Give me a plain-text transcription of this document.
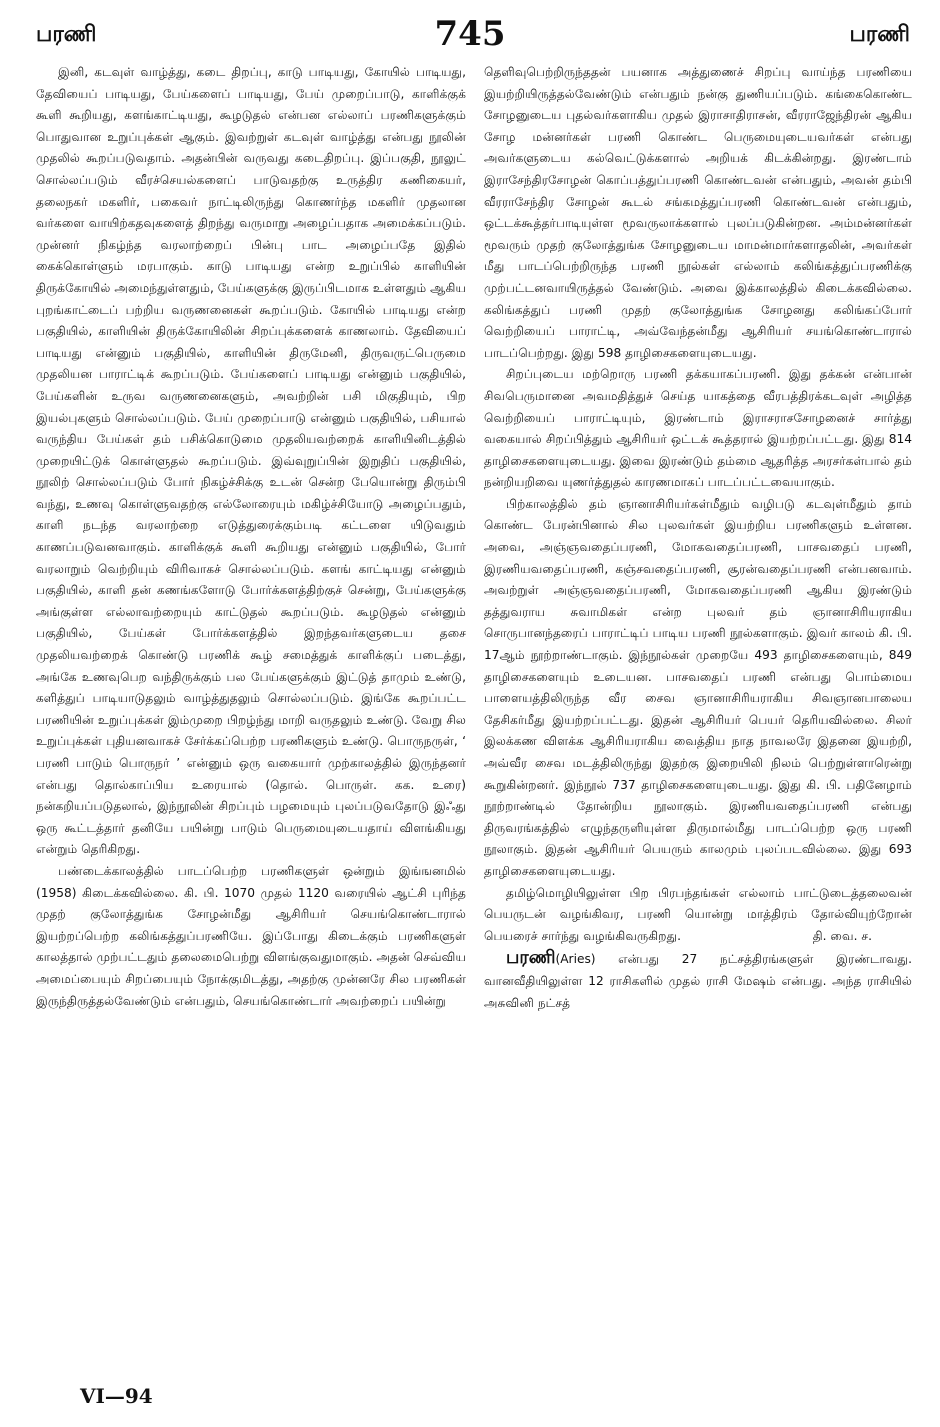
பரணி	745	பரணி

இனி, கடவுள் வாழ்த்து, கடை திறப்பு, காடு பாடியது, கோயில் பாடியது, தேவியைப் பாடியது, பேய்களைப் பாடியது, பேய் முறைப்பாடு, காளிக்குக் கூளி கூறியது, களங்காட்டியது, கூழடுதல் என்பன எல்லாப் பரணிகளுக்கும் பொதுவான உறுப்புக்கள் ஆகும். இவற்றுள் கடவுள் வாழ்த்து என்பது நூலின் முதலில் கூறப்படுவதாம். அதன்பின் வருவது கடைதிறப்பு. இப்பகுதி, நூலுட் சொல்லப்படும் வீரச்செயல்களைப் பாடுவதற்கு உருத்திர கணிகையர், தலைநகர் மகளிர், பகைவர் நாட்டிலிருந்து கொணர்ந்த மகளிர் முதலான வர்களை வாயிற்கதவுகளைத் திறந்து வருமாறு அழைப்பதாக அமைக்கப்படும். முன்னர் நிகழ்ந்த வரலாற்றைப் பின்பு பாட அழைப்பதே இதில் கைக்கொள்ளும் மரபாகும். காடு பாடியது என்ற உறுப்பில் காளியின் திருக்கோயில் அமைந்துள்ளதும், பேய்களுக்கு இருப்பிடமாக உள்ளதும் ஆகிய புறங்காட்டைப் பற்றிய வருணனைகள் கூறப்படும். கோயில் பாடியது என்ற பகுதியில், காளியின் திருக்கோயிலின் சிறப்புக்களைக் காணலாம். தேவியைப் பாடியது என்னும் பகுதியில், காளியின் திருமேனி, திருவருட்பெருமை முதலியன பாராட்டிக் கூறப்படும். பேய்களைப் பாடியது என்னும் பகுதியில், பேய்களின் உருவ வருணனைகளும், அவற்றின் பசி மிகுதியும், பிற இயல்புகளும் சொல்லப்படும். பேய் முறைப்பாடு என்னும் பகுதியில், பசியால் வருந்திய பேய்கள் தம் பசிக்கொடுமை முதலியவற்றைக் காளியினிடத்தில் முறையிட்டுக் கொள்ளுதல் கூறப்படும். இவ்வுறுப்பின் இறுதிப் பகுதியில், நூலிற் சொல்லப்படும் போர் நிகழ்ச்சிக்கு உடன் சென்ற பேயொன்று திரும்பி வந்து, உணவு கொள்ளுவதற்கு எல்லோரையும் மகிழ்ச்சியோடு அழைப்பதும், காளி நடந்த வரலாற்றை எடுத்துரைக்கும்படி கட்டளை யிடுவதும் காணப்படுவனவாகும். காளிக்குக் கூளி கூறியது என்னும் பகுதியில், போர் வரலாறும் வெற்றியும் விரிவாகச் சொல்லப்படும். களங் காட்டியது என்னும் பகுதியில், காளி தன் கணங்களோடு போர்க்களத்திற்குச் சென்று, பேய்களுக்கு அங்குள்ள எல்லாவற்றையும் காட்டுதல் கூறப்படும். கூழடுதல் என்னும் பகுதியில், பேய்கள் போர்க்களத்தில் இறந்தவர்களுடைய தசை முதலியவற்றைக் கொண்டு பரணிக் கூழ் சமைத்துக் காளிக்குப் படைத்து, அங்கே உணவுபெற வந்திருக்கும் பல பேய்களுக்கும் இட்டுத் தாமும் உண்டு, களித்துப் பாடியாடுதலும் வாழ்த்துதலும் சொல்லப்படும். இங்கே கூறப்பட்ட பரணியின் உறுப்புக்கள் இம்முறை பிறழ்ந்து மாறி வருதலும் உண்டு. வேறு சில உறுப்புக்கள் புதியனவாகச் சேர்க்கப்பெற்ற பரணிகளும் உண்டு. பொருநருள், ‘ பரணி பாடும் பொருநர் ’ என்னும் ஒரு வகையார் முற்காலத்தில் இருந்தனர் என்பது தொல்காப்பிய உரையால் (தொல். பொருள். கக. உரை) நன்கறியப்படுதலால், இந்நூலின் சிறப்பும் பழமையும் புலப்படுவதோடு இஃது ஒரு கூட்டத்தார் தனியே பயின்று பாடும் பெருமையுடையதாய் விளங்கியது என்றும் தெரிகிறது.

பண்டைக்காலத்தில் பாடப்பெற்ற பரணிகளுள் ஒன்றும் இங்ஙனமில் (1958) கிடைக்கவில்லை. கி. பி. 1070 முதல் 1120 வரையில் ஆட்சி புரிந்த முதற் குலோத்துங்க சோழன்மீது ஆசிரியர் செயங்கொண்டாரால் இயற்றப்பெற்ற கலிங்கத்துப்பரணியே. இப்போது கிடைக்கும் பரணிகளுள் காலத்தால் முற்பட்டதும் தலைமைபெற்று விளங்குவதுமாகும். அதன் செவ்விய அமைப்பையும் சிறப்பையும் நோக்குமிடத்து, அதற்கு முன்னரே சில பரணிகள் இருந்திருத்தல்வேண்டும் என்பதும், செயங்கொண்டார் அவற்றைப் பயின்று

தெளிவுபெற்றிருந்ததன் பயனாக அத்துணைச் சிறப்பு வாய்ந்த பரணியை இயற்றியிருத்தல்வேண்டும் என்பதும் நன்கு துணியப்படும். கங்கைகொண்ட சோழனுடைய புதல்வர்களாகிய முதல் இராசாதிராசன், வீரராஜேந்திரன் ஆகிய சோழ மன்னர்கள் பரணி கொண்ட பெருமையுடையவர்கள் என்பது அவர்களுடைய கல்வெட்டுக்களால் அறியக் கிடக்கின்றது. இரண்டாம் இராசேந்திரசோழன் கொப்பத்துப்பரணி கொண்டவன் என்பதும், அவன் தம்பி வீரராசேந்திர சோழன் கூடல் சங்கமத்துப்பரணி கொண்டவன் என்பதும், ஒட்டக்கூத்தர்பாடியுள்ள மூவருலாக்களால் புலப்படுகின்றன. அம்மன்னர்கள் மூவரும் முதற் குலோத்துங்க சோழனுடைய மாமன்மார்களாதலின், அவர்கள் மீது பாடப்பெற்றிருந்த பரணி நூல்கள் எல்லாம் கலிங்கத்துப்பரணிக்கு முற்பட்டனவாயிருத்தல் வேண்டும். அவை இக்காலத்தில் கிடைக்கவில்லை. கலிங்கத்துப் பரணி முதற் குலோத்துங்க சோழனது கலிங்கப்போர் வெற்றியைப் பாராட்டி, அவ்வேந்தன்மீது ஆசிரியர் சயங்கொண்டாரால் பாடப்பெற்றது. இது 598 தாழிசைகளையுடையது.

சிறப்புடைய மற்றொரு பரணி தக்கயாகப்பரணி. இது தக்கன் என்பான் சிவபெருமானை அவமதித்துச் செய்த யாகத்தை வீரபத்திரக்கடவுள் அழித்த வெற்றியைப் பாராட்டியும், இரண்டாம் இராசராசசோழனைச் சார்த்து வகையால் சிறப்பித்தும் ஆசிரியர் ஒட்டக் கூத்தரால் இயற்றப்பட்டது. இது 814 தாழிசைகளையுடையது. இவை இரண்டும் தம்மை ஆதரித்த அரசர்கள்பால் தம் நன்றியறிவை யுணர்த்துதல் காரணமாகப் பாடப்பட்டவையாகும்.

பிற்காலத்தில் தம் ஞானாசிரியர்கள்மீதும் வழிபடு கடவுள்மீதும் தாம் கொண்ட பேரன்பினால் சில புலவர்கள் இயற்றிய பரணிகளும் உள்ளன. அவை, அஞ்ஞவதைப்பரணி, மோகவதைப்பரணி, பாசவதைப் பரணி, இரணியவதைப்பரணி, கஞ்சவதைப்பரணி, சூரன்வதைப்பரணி என்பனவாம். அவற்றுள் அஞ்ஞவதைப்பரணி, மோகவதைப்பரணி ஆகிய இரண்டும் தத்துவராய சுவாமிகள் என்ற புலவர் தம் ஞானாசிரியராகிய சொருபானந்தரைப் பாராட்டிப் பாடிய பரணி நூல்களாகும். இவர் காலம் கி. பி. 17ஆம் நூற்றாண்டாகும். இந்நூல்கள் முறையே 493 தாழிசைகளையும், 849 தாழிசைகளையும் உடையன. பாசவதைப் பரணி என்பது பொம்மைய பாளையத்திலிருந்த வீர சைவ ஞானாசிரியராகிய சிவஞானபாலைய தேசிகர்மீது இயற்றப்பட்டது. இதன் ஆசிரியர் பெயர் தெரியவில்லை. சிலர் இலக்கண விளக்க ஆசிரியராகிய வைத்திய நாத நாவலரே இதனை இயற்றி, அவ்வீர சைவ மடத்திலிருந்து இதற்கு இறையிலி நிலம் பெற்றுள்ளாரென்று கூறுகின்றனர். இந்நூல் 737 தாழிசைகளையுடையது. இது கி. பி. பதினேழாம் நூற்றாண்டில் தோன்றிய நூலாகும். இரணியவதைப்பரணி என்பது திருவரங்கத்தில் எழுந்தருளியுள்ள திருமால்மீது பாடப்பெற்ற ஒரு பரணி நூலாகும். இதன் ஆசிரியர் பெயரும் காலமும் புலப்படவில்லை. இது 693 தாழிசைகளையுடையது.

தமிழ்மொழியிலுள்ள பிற பிரபந்தங்கள் எல்லாம் பாட்டுடைத்தலைவன் பெயருடன் வழங்கிவர, பரணி யொன்று மாத்திரம் தோல்வியுற்றோன் பெயரைச் சார்ந்து வழங்கிவருகிறது.	தி. வை. ச.

பரணி(Aries) என்பது 27 நட்சத்திரங்களுள் இரண்டாவது. வானவீதியிலுள்ள 12 ராசிகளில் முதல் ராசி மேஷம் என்பது. அந்த ராசியில் அசுவினி நட்சத்

VI—94
